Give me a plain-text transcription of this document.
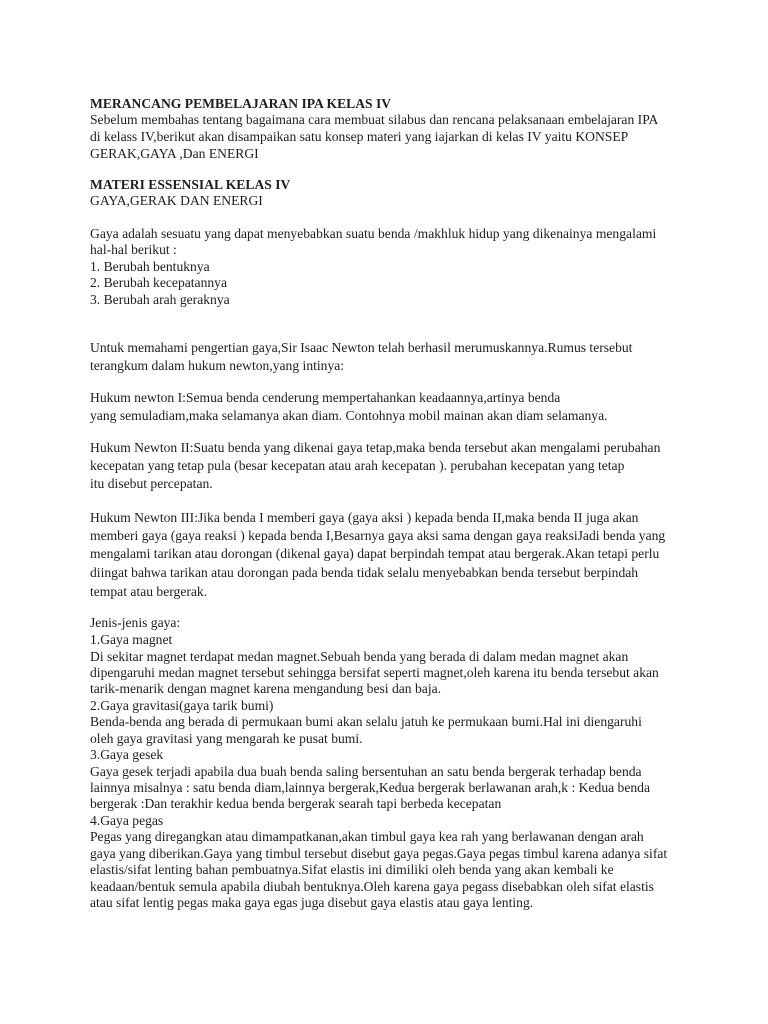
MERANCANG PEMBELAJARAN IPA KELAS IV
Sebelum membahas tentang bagaimana cara membuat silabus dan rencana pelaksanaan embelajaran IPA
di kelass IV,berikut akan disampaikan satu konsep materi yang iajarkan di kelas IV yaitu KONSEP
GERAK,GAYA ,Dan ENERGI
MATERI ESSENSIAL KELAS IV
GAYA,GERAK DAN ENERGI
Gaya adalah sesuatu yang dapat menyebabkan suatu benda /makhluk hidup yang dikenainya mengalami
hal-hal berikut :
1. Berubah bentuknya
2. Berubah kecepatannya
3. Berubah arah geraknya
Untuk memahami pengertian gaya,Sir Isaac Newton telah berhasil merumuskannya.Rumus tersebut
terangkum dalam hukum newton,yang intinya:
Hukum newton I:Semua benda cenderung mempertahankan keadaannya,artinya benda
yang semuladiam,maka selamanya akan diam. Contohnya mobil mainan akan diam selamanya.
Hukum Newton II:Suatu benda yang dikenai gaya tetap,maka benda tersebut akan mengalami perubahan
kecepatan yang tetap pula (besar kecepatan atau arah kecepatan ). perubahan kecepatan yang tetap
itu disebut percepatan.
Hukum Newton III:Jika benda I memberi gaya (gaya aksi ) kepada benda II,maka benda II juga akan
memberi gaya (gaya reaksi ) kepada benda I,Besarnya gaya aksi sama dengan gaya reaksiJadi benda yang
mengalami tarikan atau dorongan (dikenal gaya) dapat berpindah tempat atau bergerak.Akan tetapi perlu
diingat bahwa tarikan atau dorongan pada benda tidak selalu menyebabkan benda tersebut berpindah
tempat atau bergerak.
Jenis-jenis gaya:
1.Gaya magnet
Di sekitar magnet terdapat medan magnet.Sebuah benda yang berada di dalam medan magnet akan
dipengaruhi medan magnet tersebut sehingga bersifat seperti magnet,oleh karena itu benda tersebut akan
tarik-menarik dengan magnet karena mengandung besi dan baja.
2.Gaya gravitasi(gaya tarik bumi)
Benda-benda ang berada di permukaan bumi akan selalu jatuh ke permukaan bumi.Hal ini diengaruhi
oleh gaya gravitasi yang mengarah ke pusat bumi.
3.Gaya gesek
Gaya gesek terjadi apabila dua buah benda saling bersentuhan an satu benda bergerak terhadap benda
lainnya misalnya : satu benda diam,lainnya bergerak,Kedua bergerak berlawanan arah,k : Kedua benda
bergerak :Dan terakhir kedua benda bergerak searah tapi berbeda kecepatan
4.Gaya pegas
Pegas yang diregangkan atau dimampatkanan,akan timbul gaya kea rah yang berlawanan dengan arah
gaya yang diberikan.Gaya yang timbul tersebut disebut gaya pegas.Gaya pegas timbul karena adanya sifat
elastis/sifat lenting bahan pembuatnya.Sifat elastis ini dimiliki oleh benda yang akan kembali ke
keadaan/bentuk semula apabila diubah bentuknya.Oleh karena gaya pegass disebabkan oleh sifat elastis
atau sifat lentig pegas maka gaya egas juga disebut gaya elastis atau gaya lenting.
